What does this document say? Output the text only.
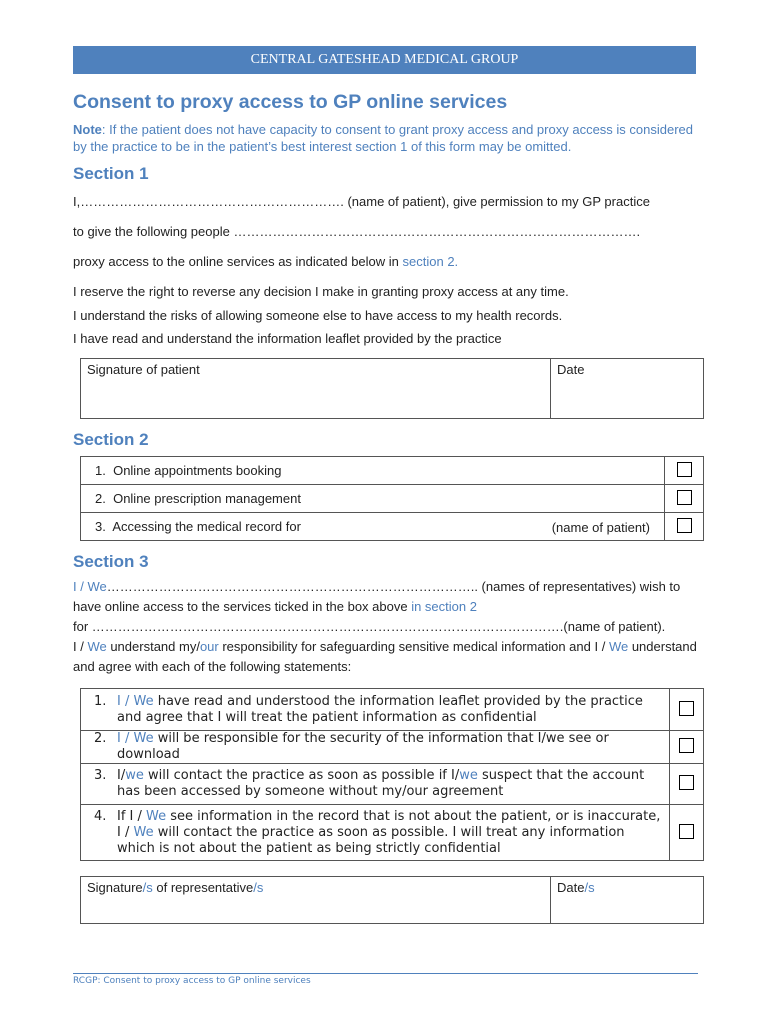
CENTRAL GATESHEAD MEDICAL GROUP
Consent to proxy access to GP online services
Note: If the patient does not have capacity to consent to grant proxy access and proxy access is considered by the practice to be in the patient’s best interest section 1 of this form may be omitted.
Section 1
I,……………………………………………………. (name of patient), give permission to my GP practice
to give the following people ………………………………………………………………………………….
proxy access to the online services as indicated below in section 2.
I reserve the right to reverse any decision I make in granting proxy access at any time.
I understand the risks of allowing someone else to have access to my health records.
I have read and understand the information leaflet provided by the practice
Signature of patient	Date
Section 2
1. Online appointments booking	
2. Online prescription management	
3. Accessing the medical record for (name of patient)	

Section 3
I / We………………………………………………………………………….. (names of representatives) wish to have online access to the services ticked in the box above in section 2
for ……………………………………………………………………………………………….(name of patient).
I / We understand my/our responsibility for safeguarding sensitive medical information and I / We understand and agree with each of the following statements:
1. I / We have read and understood the information leaflet provided by the practice and agree that I will treat the patient information as confidential	

2. I / We will be responsible for the security of the information that I/we see or download	

3. I/we will contact the practice as soon as possible if I/we suspect that the account has been accessed by someone without my/our agreement	

4. If I / We see information in the record that is not about the patient, or is inaccurate, I / We will contact the practice as soon as possible. I will treat any information which is not about the patient as being strictly confidential	

Signature/s of representative/s	Date/s
RCGP: Consent to proxy access to GP online services
